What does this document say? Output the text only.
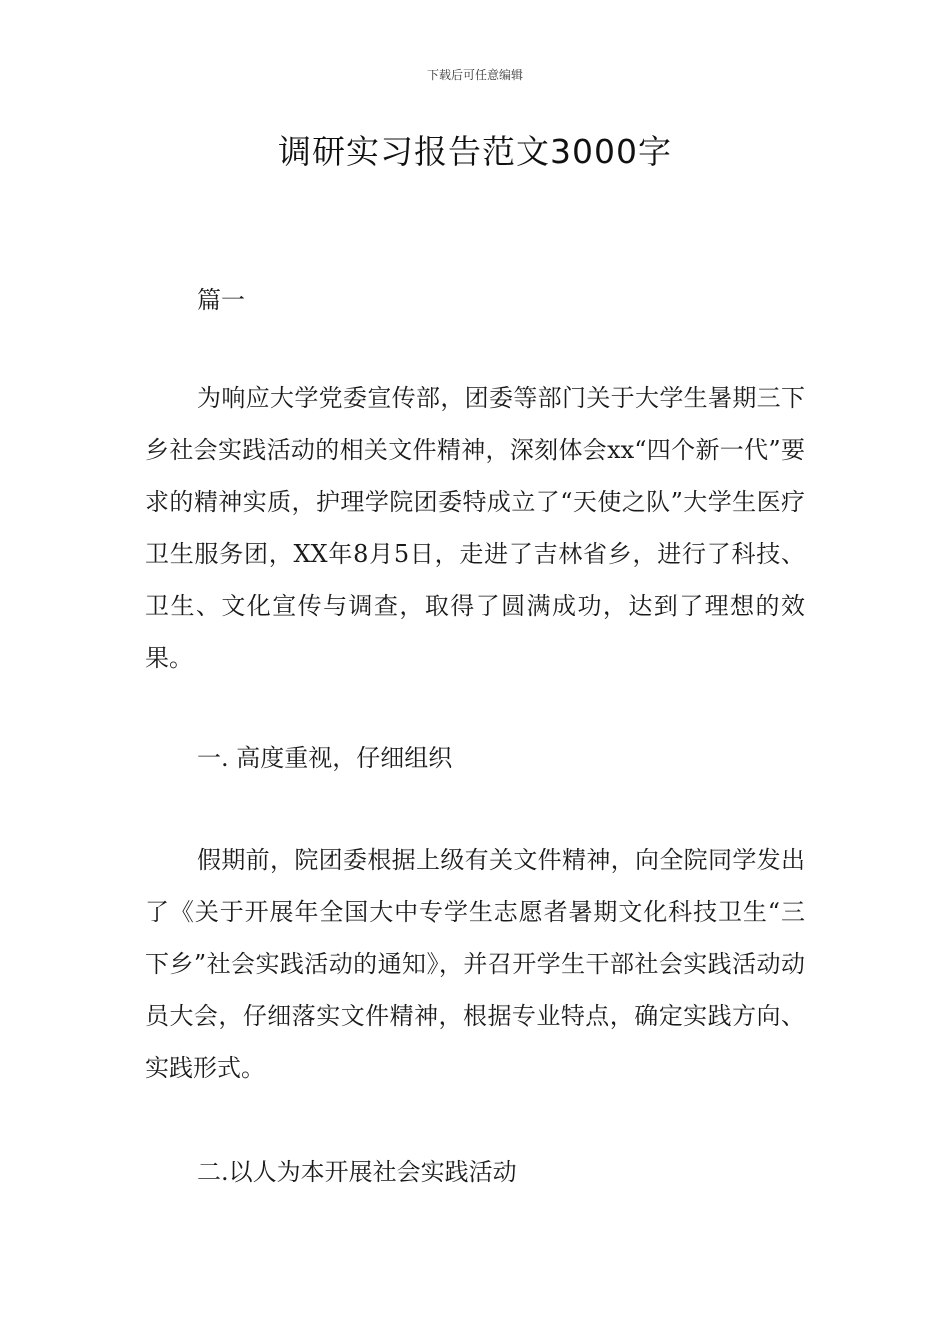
下载后可任意编辑
调研实习报告范文3000字

篇一

为响应大学党委宣传部，团委等部门关于大学生暑期三下乡社会实践活动的相关文件精神，深刻体会xx“四个新一代”要求的精神实质，护理学院团委特成立了“天使之队”大学生医疗卫生服务团，XX年8月5日，走进了吉林省乡，进行了科技、卫生、文化宣传与调查，取得了圆满成功，达到了理想的效果。

一. 高度重视，仔细组织

假期前，院团委根据上级有关文件精神，向全院同学发出了《关于开展年全国大中专学生志愿者暑期文化科技卫生“三下乡”社会实践活动的通知》，并召开学生干部社会实践活动动员大会，仔细落实文件精神，根据专业特点，确定实践方向、实践形式。

二.以人为本开展社会实践活动
